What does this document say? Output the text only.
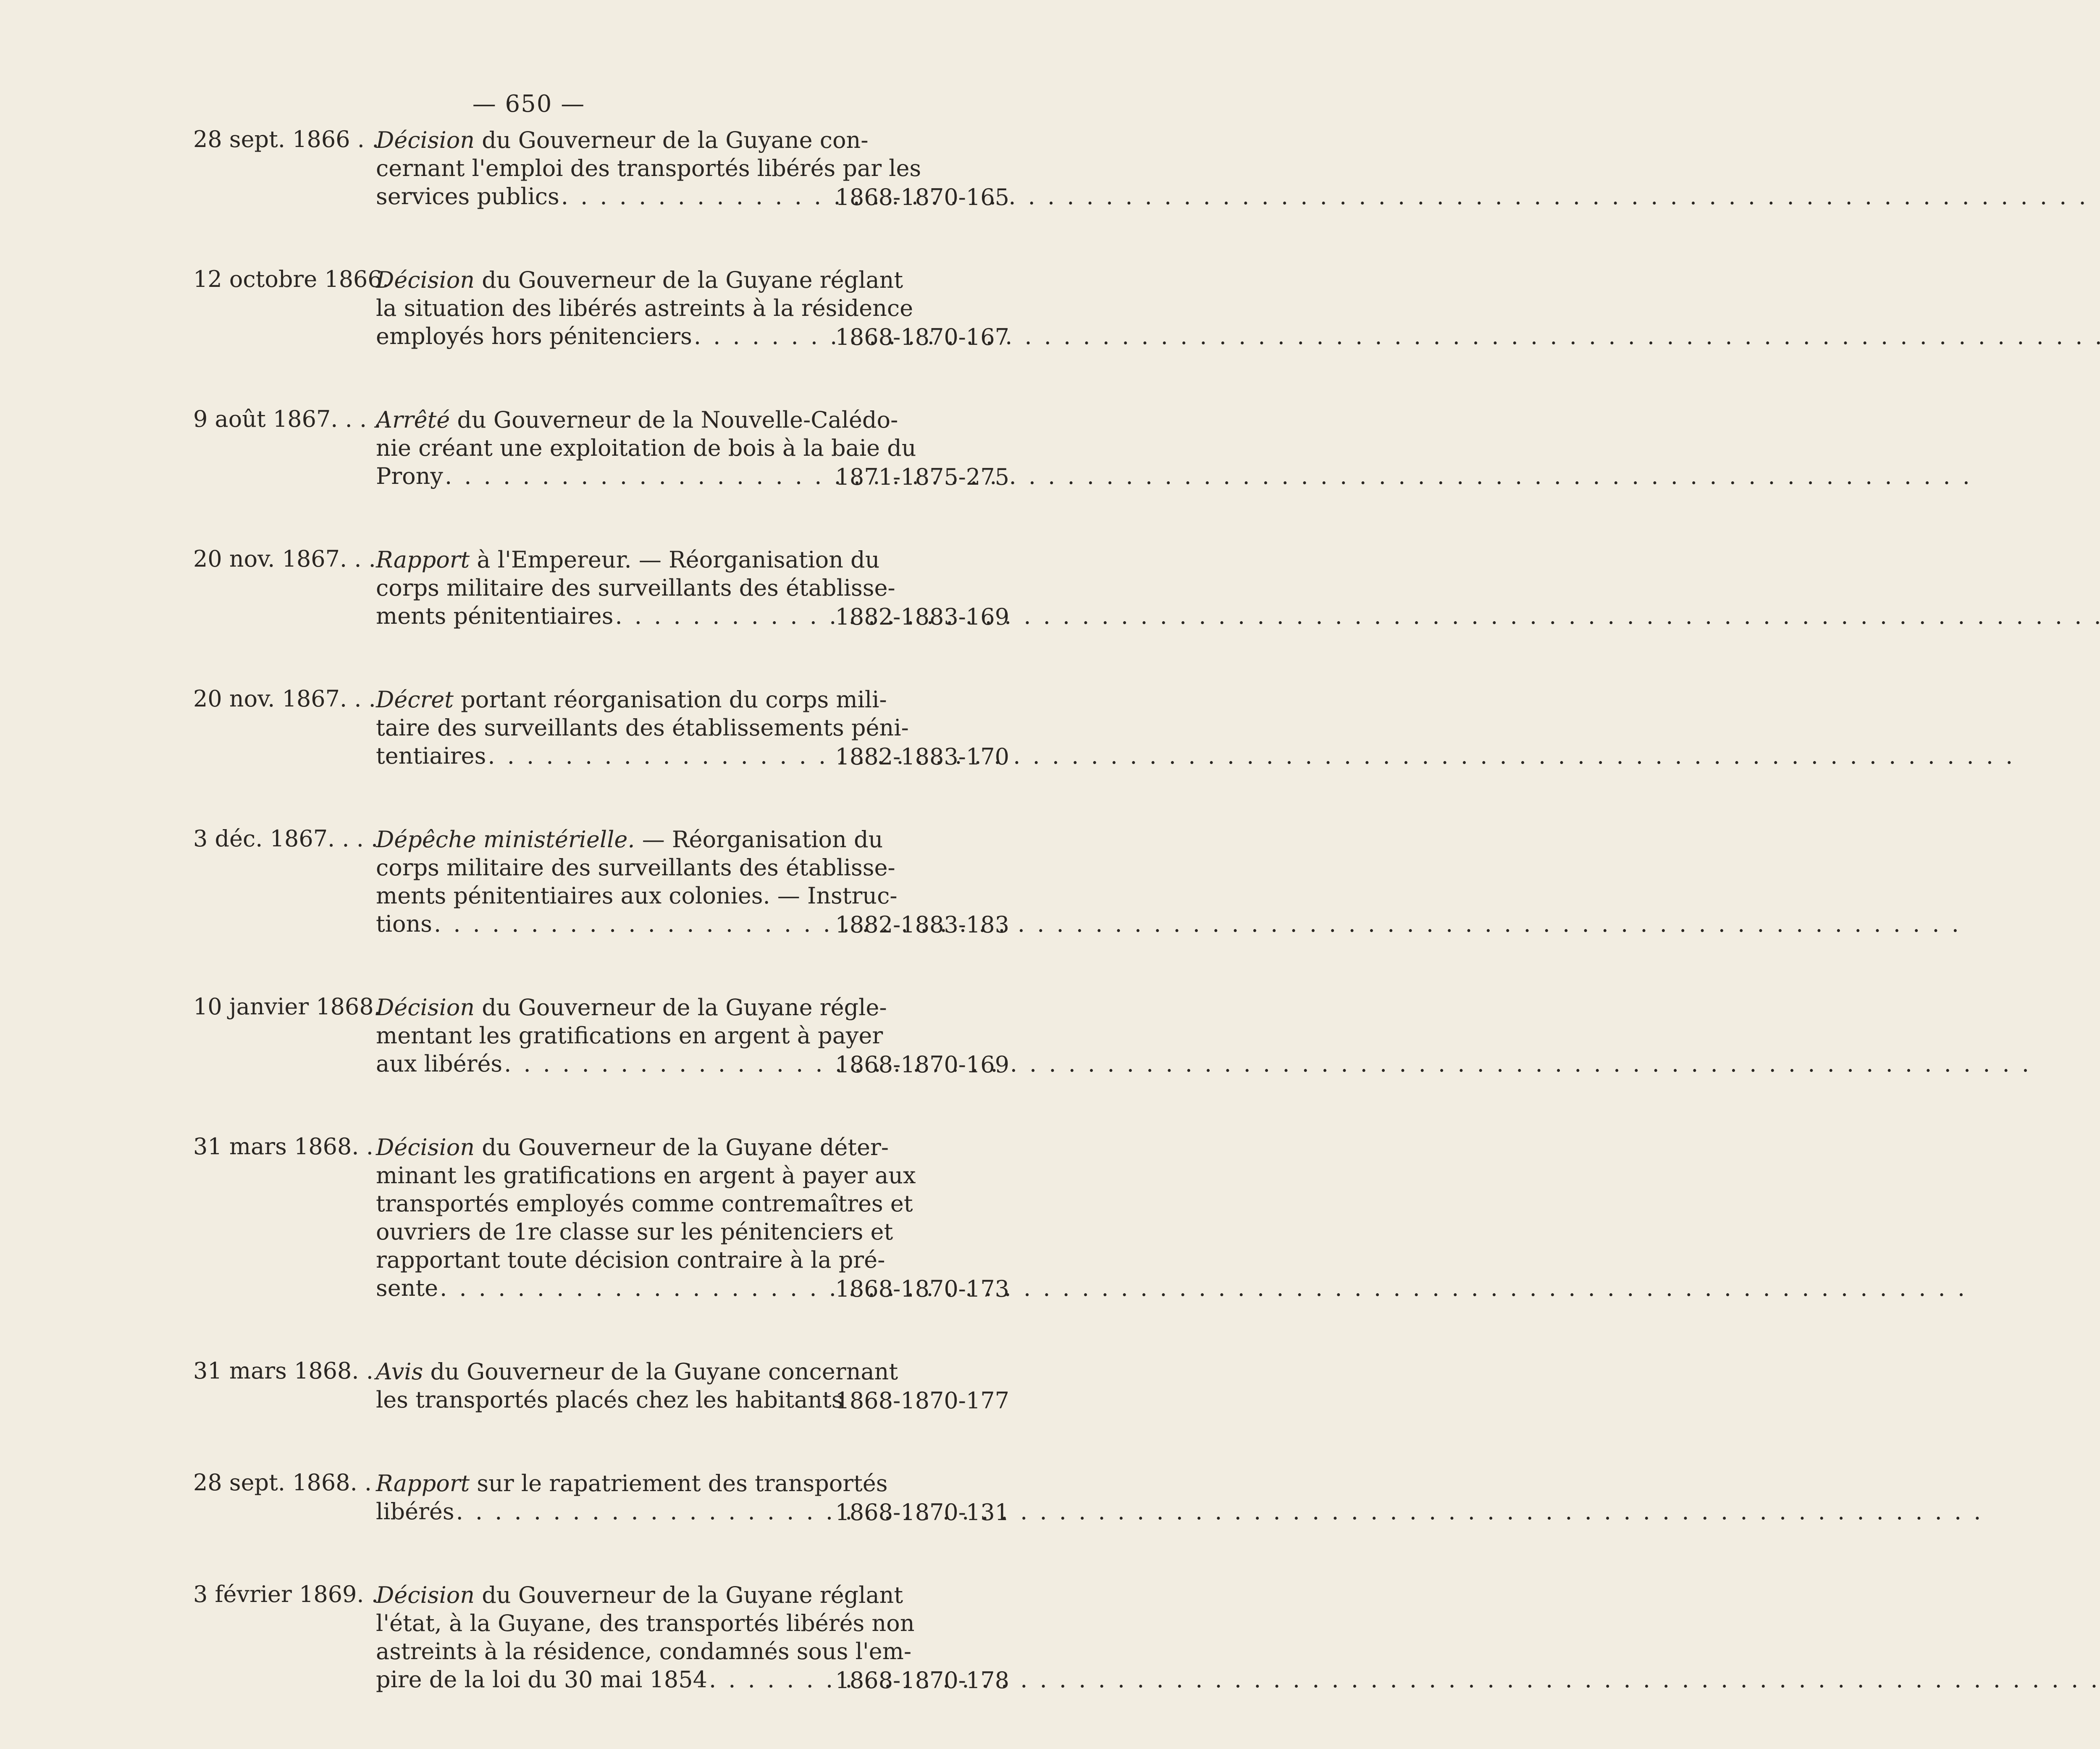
— 650 —
28 sept. 1866 . .
Décision du Gouverneur de la Guyane con-
cernant l'emploi des transportés libérés par les
services publics . . .	1868-1870-165
12 octobre 1866.
Décision du Gouverneur de la Guyane réglant
la situation des libérés astreints à la résidence
employés hors pénitenciers . . .	1868-1870-167
9 août 1867. . . .
Arrêté du Gouverneur de la Nouvelle-Calédo-
nie créant une exploitation de bois à la baie du
Prony . . .	1871-1875-275
20 nov. 1867. . . Rapport à l'Empereur. — Réorganisation du
corps militaire des surveillants des établisse-
ments pénitentiaires . . .	1882-1883-169
20 nov. 1867. . . Décret portant réorganisation du corps mili-
taire des surveillants des établissements péni-
tentiaires . . .	1882-1883-170
3 déc. 1867. . . .
Dépêche ministérielle. — Réorganisation du
corps militaire des surveillants des établisse-
ments pénitentiaires aux colonies. — Instruc-
tions . . .	1882-1883-183
10 janvier 1868.
Décision du Gouverneur de la Guyane régle-
mentant les gratifications en argent à payer
aux libérés . . .	1868-1870-169
31 mars 1868. . Décision du Gouverneur de la Guyane déter-
minant les gratifications en argent à payer aux
transportés employés comme contremaîtres et
ouvriers de 1re classe sur les pénitenciers et
rapportant toute décision contraire à la pré-
sente . . .	1868-1870-173
31 mars 1868. . Avis du Gouverneur de la Guyane concernant
les transportés placés chez les habitants
. . .
1868-1870-177
28 sept. 1868. . Rapport sur le rapatriement des transportés
libérés . . .	1868-1870-131
3 février 1869. .
Décision du Gouverneur de la Guyane réglant
l'état, à la Guyane, des transportés libérés non
astreints à la résidence, condamnés sous l'em-
pire de la loi du 30 mai 1854 . . .	1868-1870-178
